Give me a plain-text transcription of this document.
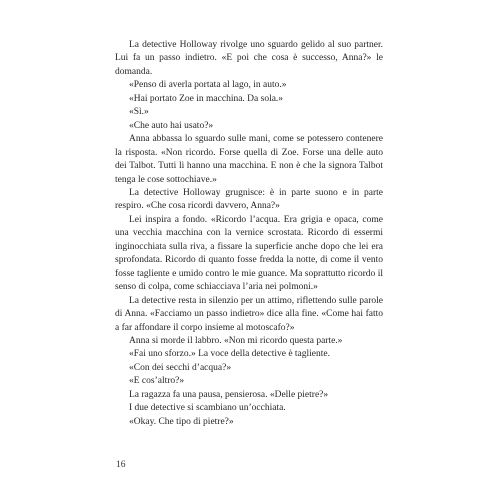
La detective Holloway rivolge uno sguardo gelido al suo partner. Lui fa un passo indietro. «E poi che cosa è successo, Anna?» le domanda.

«Penso di averla portata al lago, in auto.»

«Hai portato Zoe in macchina. Da sola.»

«Sì.»

«Che auto hai usato?»

Anna abbassa lo sguardo sulle mani, come se potessero contenere la risposta. «Non ricordo. Forse quella di Zoe. Forse una delle auto dei Talbot. Tutti lì hanno una macchina. E non è che la signora Talbot tenga le cose sottochiave.»

La detective Holloway grugnisce: è in parte suono e in parte respiro. «Che cosa ricordi davvero, Anna?»

Lei inspira a fondo. «Ricordo l’acqua. Era grigia e opaca, come una vecchia macchina con la vernice scrostata. Ricordo di essermi inginocchiata sulla riva, a fissare la superficie anche dopo che lei era sprofondata. Ricordo di quanto fosse fredda la notte, di come il vento fosse tagliente e umido contro le mie guance. Ma soprattutto ricordo il senso di colpa, come schiacciava l’aria nei polmoni.»

La detective resta in silenzio per un attimo, riflettendo sulle parole di Anna. «Facciamo un passo indietro» dice alla fine. «Come hai fatto a far affondare il corpo insieme al motoscafo?»

Anna si morde il labbro. «Non mi ricordo questa parte.»

«Fai uno sforzo.» La voce della detective è tagliente.

«Con dei secchi d’acqua?»

«E cos’altro?»

La ragazza fa una pausa, pensierosa. «Delle pietre?»

I due detective si scambiano un’occhiata.

«Okay. Che tipo di pietre?»

16
